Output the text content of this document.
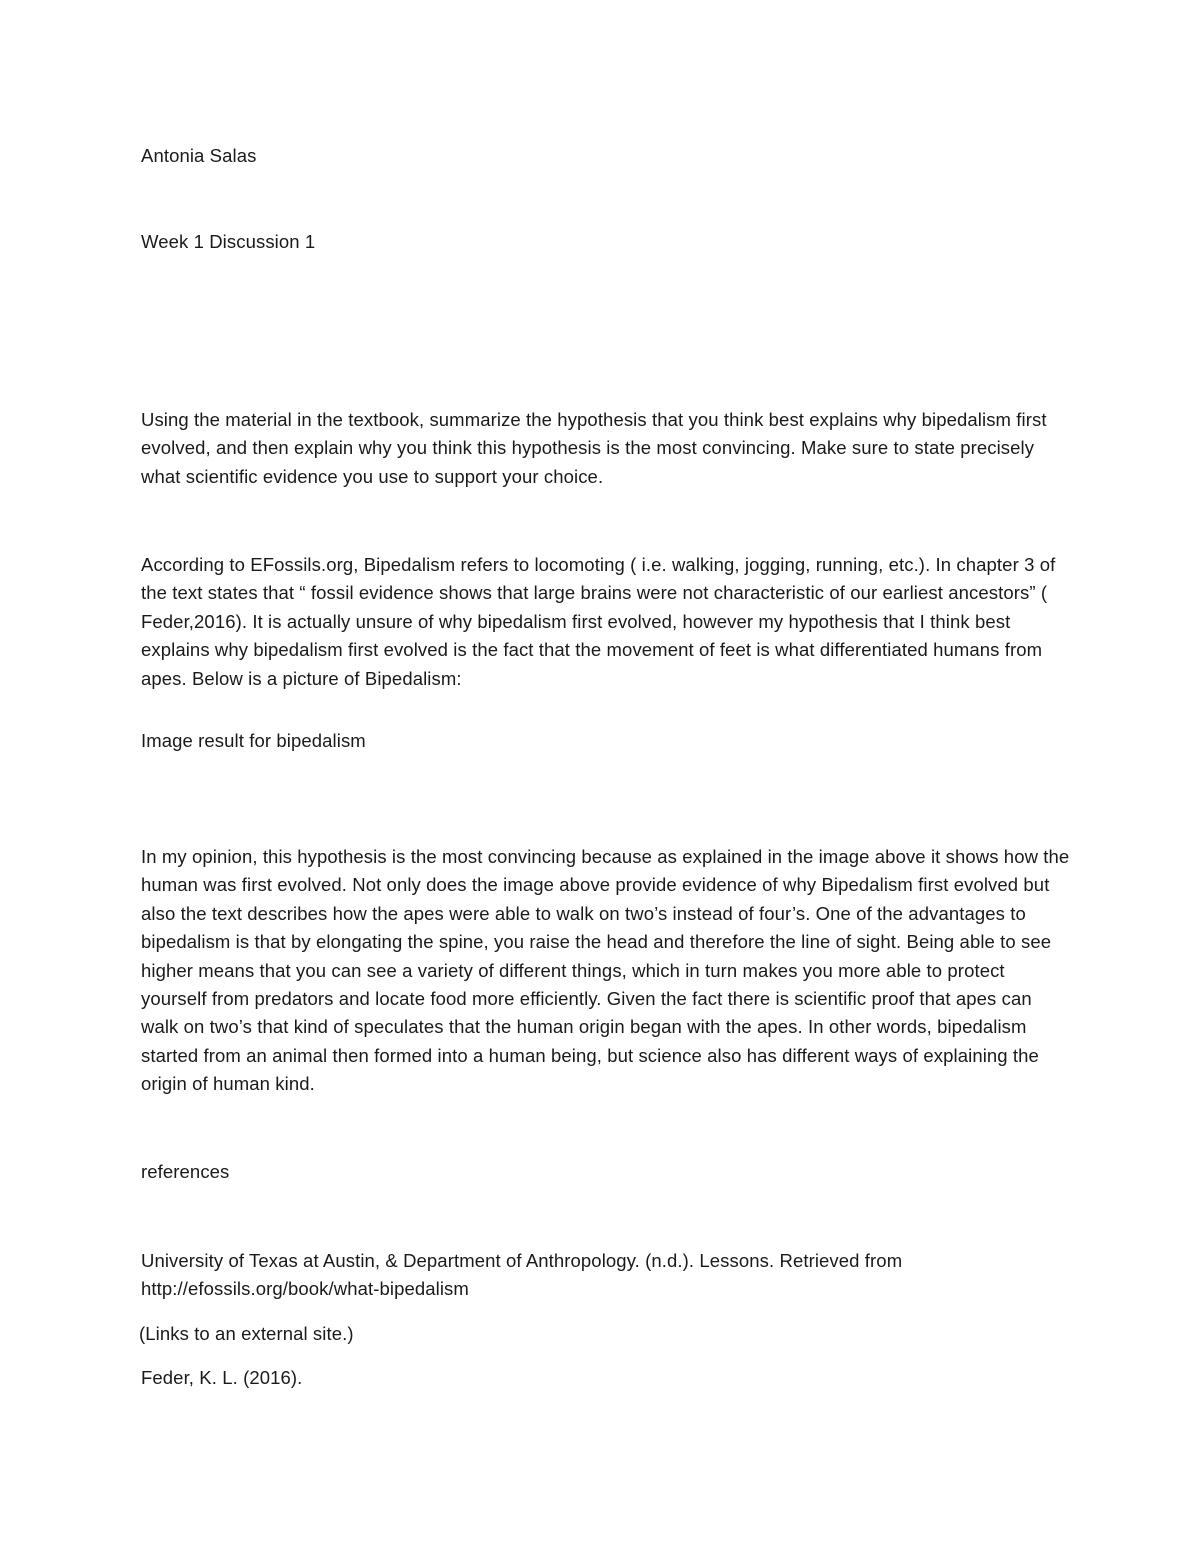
Antonia Salas
Week 1 Discussion 1
Using the material in the textbook, summarize the hypothesis that you think best explains why bipedalism first evolved, and then explain why you think this hypothesis is the most convincing. Make sure to state precisely what scientific evidence you use to support your choice.
According to EFossils.org, Bipedalism refers to locomoting ( i.e. walking, jogging, running, etc.). In chapter 3 of the text states that “ fossil evidence shows that large brains were not characteristic of our earliest ancestors” ( Feder,2016). It is actually unsure of why bipedalism first evolved, however my hypothesis that I think best explains why bipedalism first evolved is the fact that the movement of feet is what differentiated humans from apes. Below is a picture of Bipedalism:
Image result for bipedalism
In my opinion, this hypothesis is the most convincing because as explained in the image above it shows how the human was first evolved. Not only does the image above provide evidence of why Bipedalism first evolved but also the text describes how the apes were able to walk on two’s instead of four’s. One of the advantages to bipedalism is that by elongating the spine, you raise the head and therefore the line of sight. Being able to see higher means that you can see a variety of different things, which in turn makes you more able to protect yourself from predators and locate food more efficiently. Given the fact there is scientific proof that apes can walk on two’s that kind of speculates that the human origin began with the apes. In other words, bipedalism started from an animal then formed into a human being, but science also has different ways of explaining the origin of human kind.
references
University of Texas at Austin, & Department of Anthropology. (n.d.). Lessons. Retrieved from http://efossils.org/book/what-bipedalism
(Links to an external site.)
Feder, K. L. (2016).
